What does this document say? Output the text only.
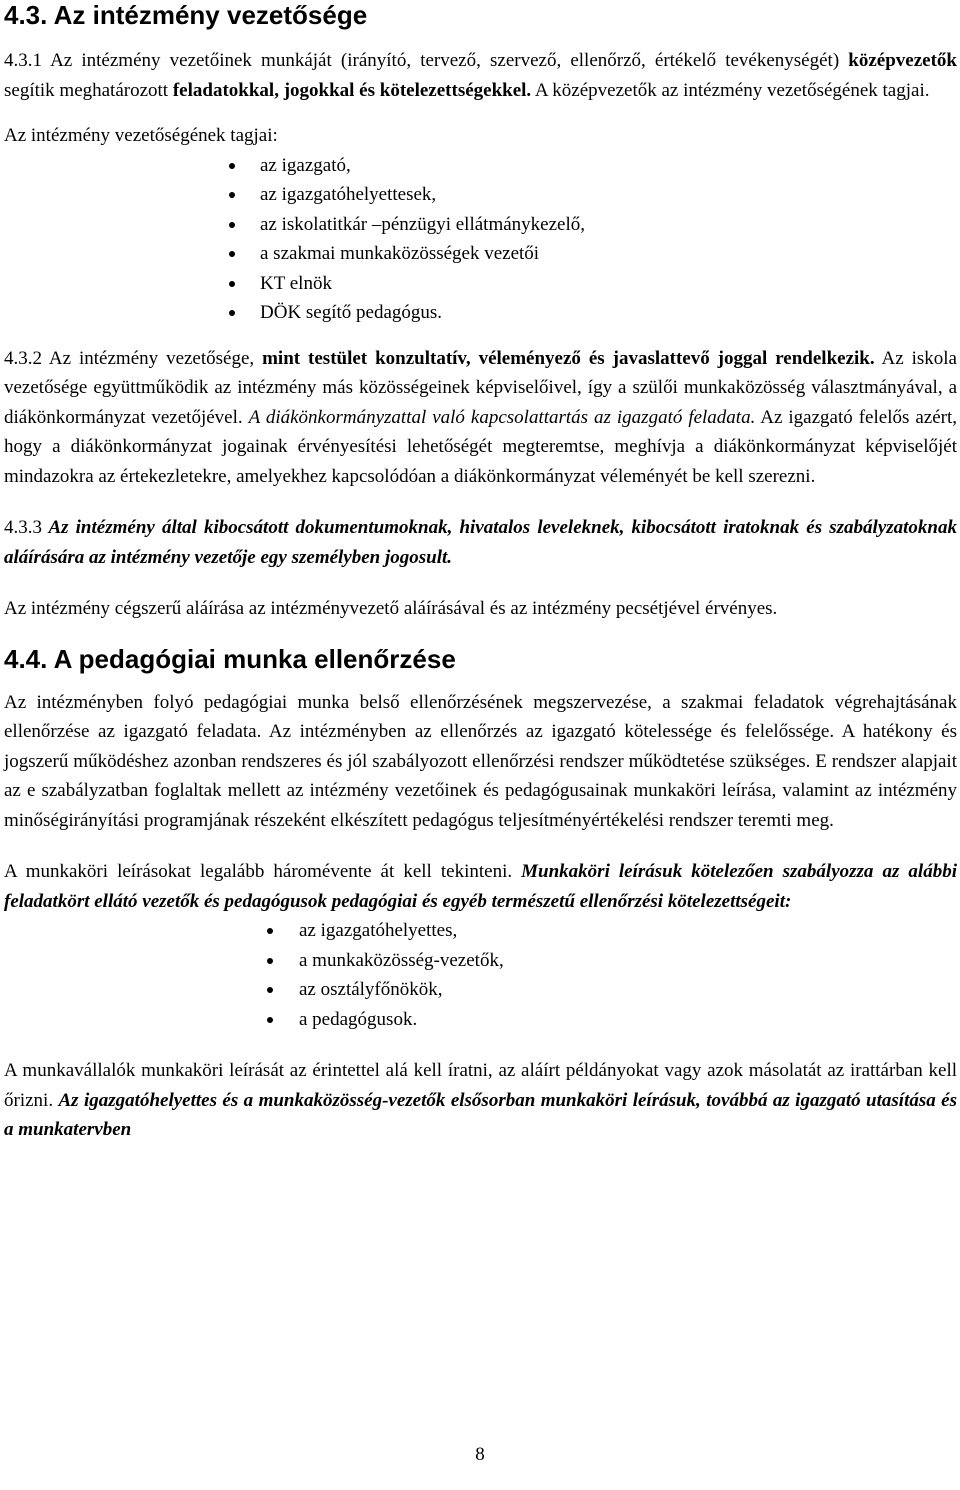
4.3. Az intézmény vezetősége

4.3.1 Az intézmény vezetőinek munkáját (irányító, tervező, szervező, ellenőrző, értékelő tevékenységét) középvezetők segítik meghatározott feladatokkal, jogokkal és kötelezettségekkel. A középvezetők az intézmény vezetőségének tagjai.

Az intézmény vezetőségének tagjai:

az igazgató,
az igazgatóhelyettesek,
az iskolatitkár –pénzügyi ellátmánykezelő,
a szakmai munkaközösségek vezetői
KT elnök
DÖK segítő pedagógus.

4.3.2 Az intézmény vezetősége, mint testület konzultatív, véleményező és javaslattevő joggal rendelkezik. Az iskola vezetősége együttműködik az intézmény más közösségeinek képviselőivel, így a szülői munkaközösség választmányával, a diákönkormányzat vezetőjével. A diákönkormányzattal való kapcsolattartás az igazgató feladata. Az igazgató felelős azért, hogy a diákönkormányzat jogainak érvényesítési lehetőségét megteremtse, meghívja a diákönkormányzat képviselőjét mindazokra az értekezletekre, amelyekhez kapcsolódóan a diákönkormányzat véleményét be kell szerezni.

4.3.3 Az intézmény által kibocsátott dokumentumoknak, hivatalos leveleknek, kibocsátott iratoknak és szabályzatoknak aláírására az intézmény vezetője egy személyben jogosult.

Az intézmény cégszerű aláírása az intézményvezető aláírásával és az intézmény pecsétjével érvényes.

4.4. A pedagógiai munka ellenőrzése

Az intézményben folyó pedagógiai munka belső ellenőrzésének megszervezése, a szakmai feladatok végrehajtásának ellenőrzése az igazgató feladata. Az intézményben az ellenőrzés az igazgató kötelessége és felelőssége. A hatékony és jogszerű működéshez azonban rendszeres és jól szabályozott ellenőrzési rendszer működtetése szükséges. E rendszer alapjait az e szabályzatban foglaltak mellett az intézmény vezetőinek és pedagógusainak munkaköri leírása, valamint az intézmény minőségirányítási programjának részeként elkészített pedagógus teljesítményértékelési rendszer teremti meg.

A munkaköri leírásokat legalább háromévente át kell tekinteni. Munkaköri leírásuk kötelezően szabályozza az alábbi feladatkört ellátó vezetők és pedagógusok pedagógiai és egyéb természetű ellenőrzési kötelezettségeit:

az igazgatóhelyettes,
a munkaközösség-vezetők,
az osztályfőnökök,
a pedagógusok.

A munkavállalók munkaköri leírását az érintettel alá kell íratni, az aláírt példányokat vagy azok másolatát az irattárban kell őrizni. Az igazgatóhelyettes és a munkaközösség-vezetők elsősorban munkaköri leírásuk, továbbá az igazgató utasítása és a munkatervben

8
